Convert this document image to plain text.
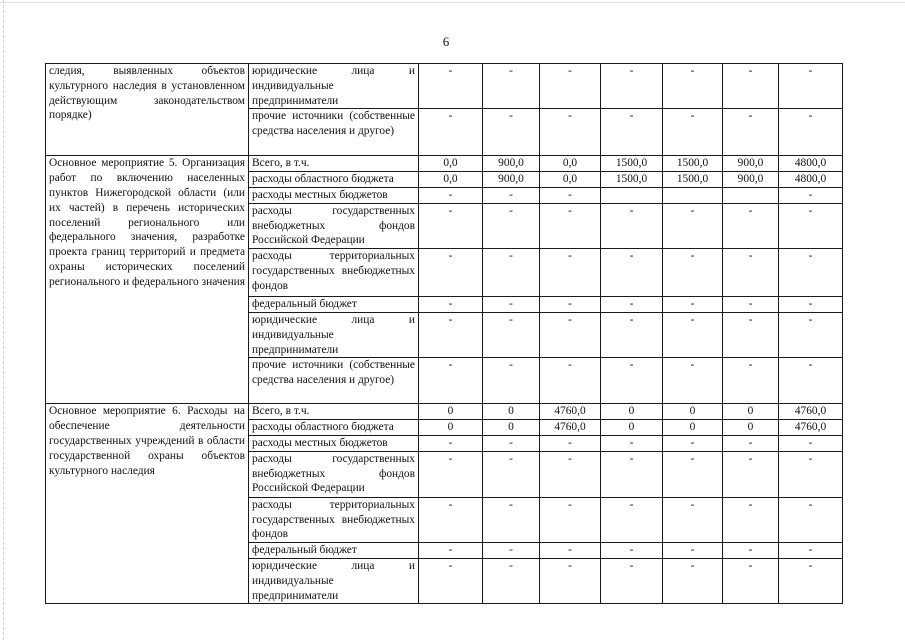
6
следия, выявленных объектов культурного наследия в установленном действующим законодательством порядке)	юридические лица и индивидуальные предприниматели	-	-	-	-	-	-	-
	прочие источники (собственные средства населения и другое)	-	-	-	-	-	-	-
Основное мероприятие 5. Организация работ по включению населенных пунктов Нижегородской области (или их частей) в перечень исторических поселений регионального или федерального значения, разработке проекта границ территорий и предмета охраны исторических поселений регионального и федерального значения	Всего, в т.ч.	0,0	900,0	0,0	1500,0	1500,0	900,0	4800,0
	расходы областного бюджета	0,0	900,0	0,0	1500,0	1500,0	900,0	4800,0
	расходы местных бюджетов	-	-	-				-
	расходы государственных внебюджетных фондов Российской Федерации	-	-	-	-	-	-	-
	расходы территориальных государственных внебюджетных фондов	-	-	-	-	-	-	-
	федеральный бюджет	-	-	-	-	-	-	-
	юридические лица и индивидуальные предприниматели	-	-	-	-	-	-	-
	прочие источники (собственные средства населения и другое)	-	-	-	-	-	-	-
Основное мероприятие 6. Расходы на обеспечение деятельности государственных учреждений в области государственной охраны объектов культурного наследия	Всего, в т.ч.	0	0	4760,0	0	0	0	4760,0
	расходы областного бюджета	0	0	4760,0	0	0	0	4760,0
	расходы местных бюджетов	-	-	-	-	-	-	-
	расходы государственных внебюджетных фондов Российской Федерации	-	-	-	-	-	-	-
	расходы территориальных государственных внебюджетных фондов	-	-	-	-	-	-	-
	федеральный бюджет	-	-	-	-	-	-	-
	юридические лица и индивидуальные предприниматели	-	-	-	-	-	-	-
